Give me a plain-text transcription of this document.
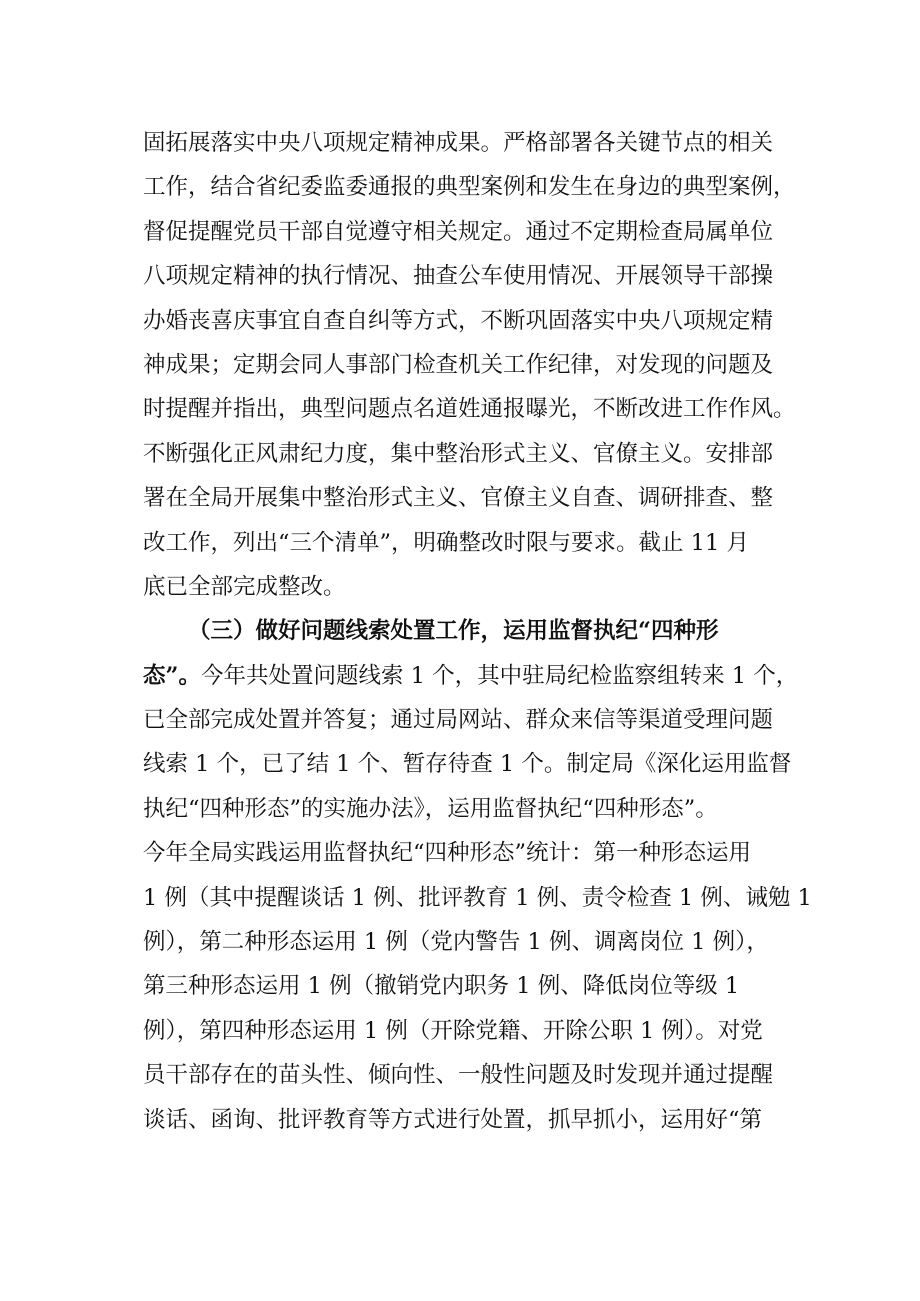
固拓展落实中央八项规定精神成果。严格部署各关键节点的相关
工作，结合省纪委监委通报的典型案例和发生在身边的典型案例，
督促提醒党员干部自觉遵守相关规定。通过不定期检查局属单位
八项规定精神的执行情况、抽查公车使用情况、开展领导干部操
办婚丧喜庆事宜自查自纠等方式，不断巩固落实中央八项规定精
神成果；定期会同人事部门检查机关工作纪律，对发现的问题及
时提醒并指出，典型问题点名道姓通报曝光，不断改进工作作风。
不断强化正风肃纪力度，集中整治形式主义、官僚主义。安排部
署在全局开展集中整治形式主义、官僚主义自查、调研排查、整
改工作，列出“三个清单”，明确整改时限与要求。截止 11 月
底已全部完成整改。
（三）做好问题线索处置工作，运用监督执纪“四种形
态”。今年共处置问题线索 1 个，其中驻局纪检监察组转来 1 个，
已全部完成处置并答复；通过局网站、群众来信等渠道受理问题
线索 1 个，已了结 1 个、暂存待查 1 个。制定局《深化运用监督
执纪“四种形态”的实施办法》，运用监督执纪“四种形态”。
今年全局实践运用监督执纪“四种形态”统计：第一种形态运用
1 例（其中提醒谈话 1 例、批评教育 1 例、责令检查 1 例、诫勉 1
例），第二种形态运用 1 例（党内警告 1 例、调离岗位 1 例），
第三种形态运用 1 例（撤销党内职务 1 例、降低岗位等级 1
例），第四种形态运用 1 例（开除党籍、开除公职 1 例）。对党
员干部存在的苗头性、倾向性、一般性问题及时发现并通过提醒
谈话、函询、批评教育等方式进行处置，抓早抓小，运用好“第
